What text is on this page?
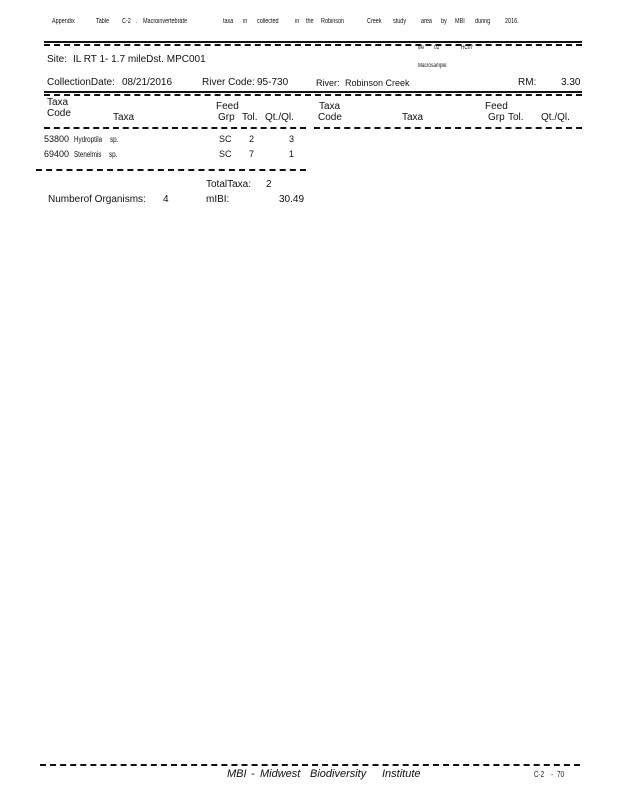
Appendix	Table C-2 . Macroinvertebrate	taxa in collected in the Robinson	Creek study area by MBI during 2016.
file 02	RC07
Macrosample:
Site: IL RT 1- 1.7 mileDst. MPC001
CollectionDate: 08/21/2016	River Code: 95-730	River: Robinson Creek	RM: 3.30
Taxa
Code	Taxa
Feed
Grp Tol. Qt./Ql.
Taxa
Code	Taxa
Feed
Grp Tol. Qt./Ql.
53800 Hydroptila sp.	SC 2	3
69400 Stenelmis sp.	SC 7	1
TotalTaxa: 2
Numberof Organisms: 4	mIBI:	30.49
MBI - Midwest Biodiversity Institute	C-2 - 70
